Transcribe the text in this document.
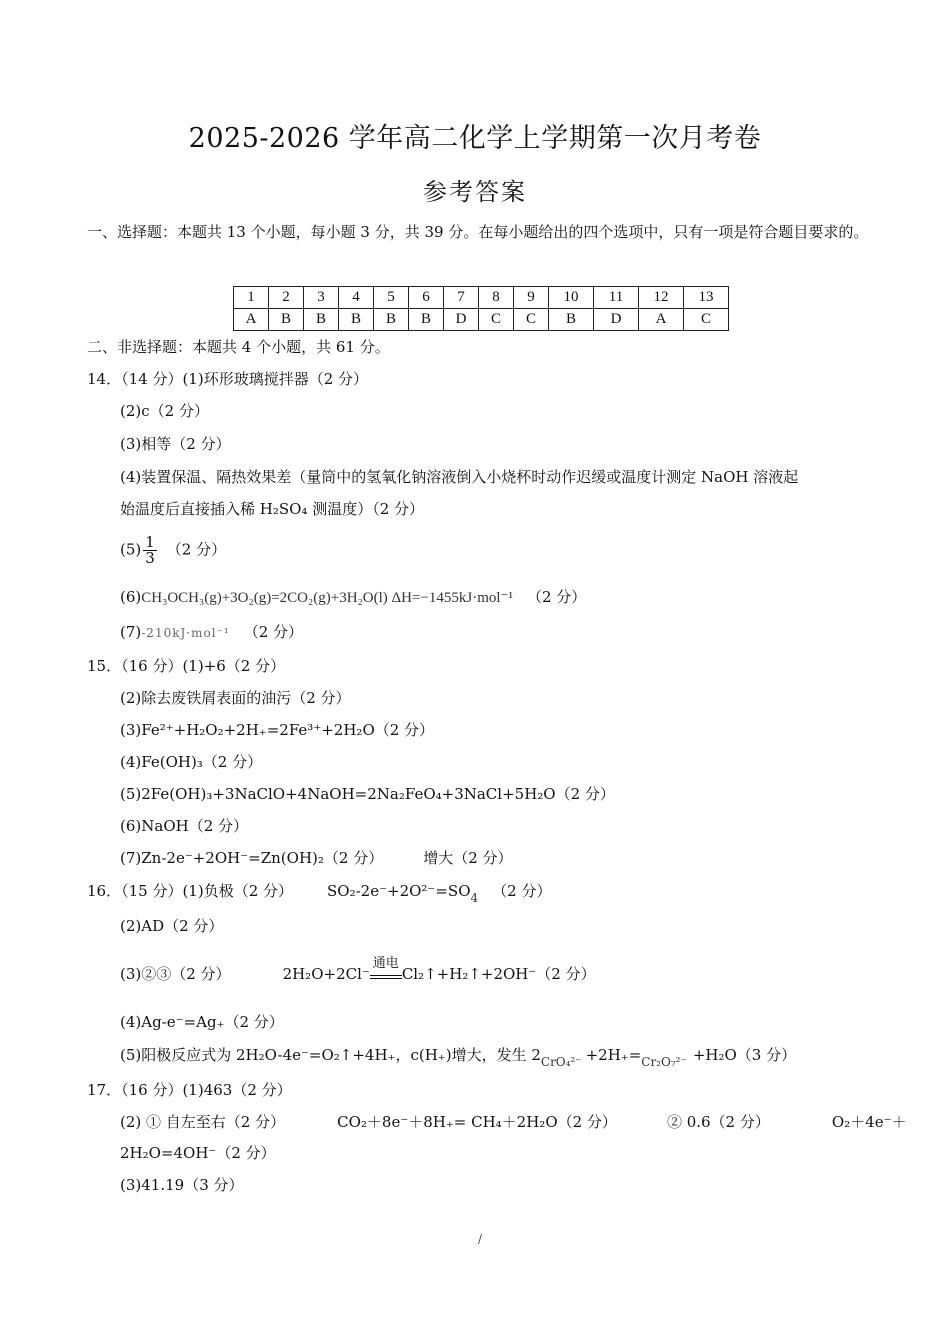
2025-2026 学年高二化学上学期第一次月考卷
参考答案
一、选择题：本题共 13 个小题，每小题 3 分，共 39 分。在每小题给出的四个选项中，只有一项是符合题目要求的。
1	2	3	4	5	6	7	8	9	10	11	12	13
A	B	B	B	B	B	D	C	C	B	D	A	C
二、非选择题：本题共 4 个小题，共 61 分。
14．（14 分）(1)环形玻璃搅拌器（2 分）
(2)c（2 分）
(3)相等（2 分）
(4)装置保温、隔热效果差（量筒中的氢氧化钠溶液倒入小烧杯时动作迟缓或温度计测定 NaOH 溶液起
始温度后直接插入稀 H₂SO₄ 测温度）（2 分）
$(5) \frac{1}{3} (2$ 分）
(6)CH₃OCH₃(g)+3O₂(g)=2CO₂(g)+3H₂O(l) ΔH=−1455kJ·mol⁻¹ （2 分）
(7)-210kJ·mol⁻¹ （2 分）
15．（16 分）(1)+6（2 分）
(2)除去废铁屑表面的油污（2 分）
(3)Fe²⁺+H₂O₂+2H₊=2Fe³⁺+2H₂O（2 分）
(4)Fe(OH)₃（2 分）
(5)2Fe(OH)₃+3NaClO+4NaOH=2Na₂FeO₄+3NaCl+5H₂O（2 分）
(6)NaOH（2 分）
(7)Zn-2e⁻+2OH⁻=Zn(OH)₂（2 分）	增大（2 分）
16．（15 分）(1)负极（2 分） SO₂-2e⁻+2O²⁻=SO4 （2 分）
(2)AD（2 分）
(3)②③（2 分）	2H₂O+2Cl⁻
通电
Cl₂↑+H₂↑+2OH⁻（2 分）
(4)Ag-e⁻=Ag₊（2 分）
(5)阳极反应式为 2H₂O-4e⁻=O₂↑+4H₊，c(H₊)增大，发生 2CrO₄²⁻ +2H₊=Cr₂O₇²⁻ +H₂O（3 分）
17．（16 分）(1)463（2 分）
(2) ① 自左至右（2 分）	CO₂＋8e⁻＋8H₊= CH₄＋2H₂O（2 分）	② 0.6（2 分）	O₂＋4e⁻＋
2H₂O=4OH⁻（2 分）
(3)41.19（3 分）
/
